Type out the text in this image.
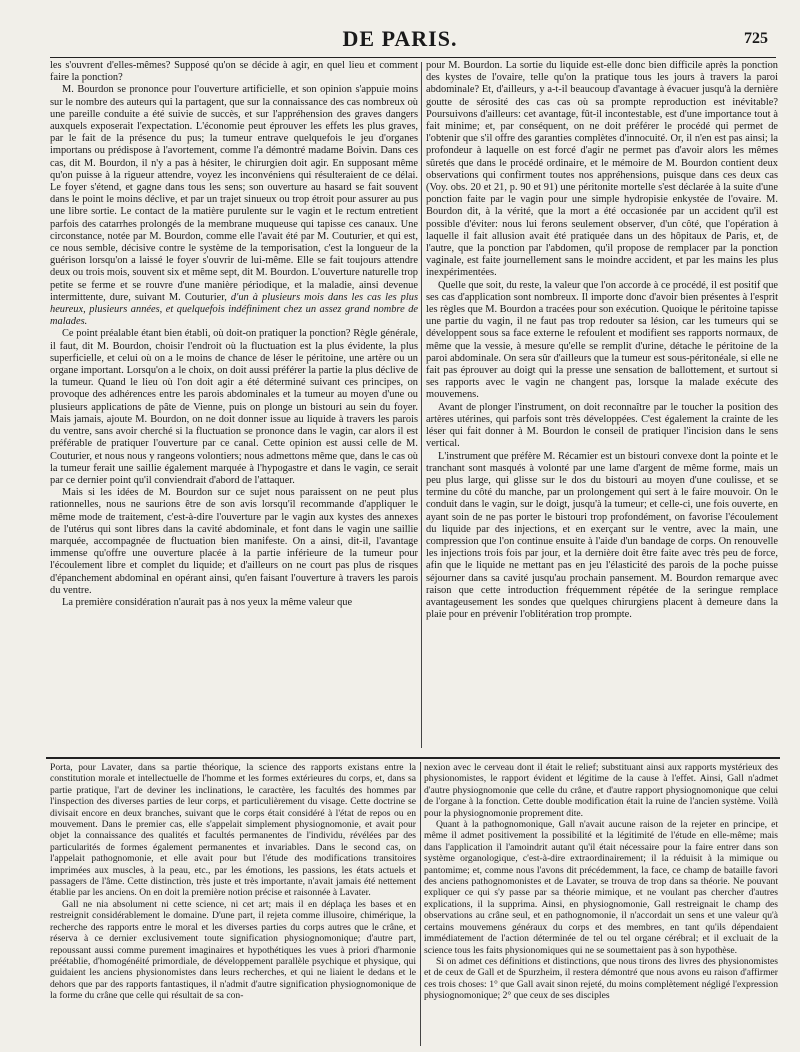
DE PARIS.	725

les s'ouvrent d'elles-mêmes? Supposé qu'on se décide à agir, en quel lieu et comment faire la ponction?

M. Bourdon se prononce pour l'ouverture artificielle, et son opinion s'appuie moins sur le nombre des auteurs qui la partagent, que sur la connaissance des cas nombreux où une pareille conduite a été suivie de succès, et sur l'appréhension des graves dangers auxquels exposerait l'expectation. L'économie peut éprouver les effets les plus graves, par le fait de la présence du pus; la tumeur entrave quelquefois le jeu d'organes importans ou prédispose à l'avortement, comme l'a démontré madame Boivin. Dans ces cas, dit M. Bourdon, il n'y a pas à hésiter, le chirurgien doit agir. En supposant même qu'on puisse à la rigueur attendre, voyez les inconvéniens qui résulteraient de ce délai. Le foyer s'étend, et gagne dans tous les sens; son ouverture au hasard se fait souvent dans le point le moins déclive, et par un trajet sinueux ou trop étroit pour assurer au pus une libre sortie. Le contact de la matière purulente sur le vagin et le rectum entretient parfois des catarrhes prolongés de la membrane muqueuse qui tapisse ces canaux. Une circonstance, notée par M. Bourdon, comme elle l'avait été par M. Couturier, et qui est, ce nous semble, décisive contre le système de la temporisation, c'est la longueur de la guérison lorsqu'on a laissé le foyer s'ouvrir de lui-même. Elle se fait toujours attendre deux ou trois mois, souvent six et même sept, dit M. Bourdon. L'ouverture naturelle trop petite se ferme et se rouvre d'une manière périodique, et la maladie, ainsi devenue intermittente, dure, suivant M. Couturier, d'un à plusieurs mois dans les cas les plus heureux, plusieurs années, et quelquefois indéfiniment chez un assez grand nombre de malades.

Ce point préalable étant bien établi, où doit-on pratiquer la ponction? Règle générale, il faut, dit M. Bourdon, choisir l'endroit où la fluctuation est la plus évidente, la plus superficielle, et celui où on a le moins de chance de léser le péritoine, une artère ou un organe important. Lorsqu'on a le choix, on doit aussi préférer la partie la plus déclive de la tumeur. Quand le lieu où l'on doit agir a été déterminé suivant ces principes, on provoque des adhérences entre les parois abdominales et la tumeur au moyen d'une ou plusieurs applications de pâte de Vienne, puis on plonge un bistouri au sein du foyer. Mais jamais, ajoute M. Bourdon, on ne doit donner issue au liquide à travers les parois du ventre, sans avoir cherché si la fluctuation se prononce dans le vagin, car alors il est préférable de pratiquer l'ouverture par ce canal. Cette opinion est aussi celle de M. Couturier, et nous nous y rangeons volontiers; nous admettons même que, dans le cas où la tumeur ferait une saillie également marquée à l'hypogastre et dans le vagin, ce serait par ce dernier point qu'il conviendrait d'abord de l'attaquer.

Mais si les idées de M. Bourdon sur ce sujet nous paraissent on ne peut plus rationnelles, nous ne saurions être de son avis lorsqu'il recommande d'appliquer le même mode de traitement, c'est-à-dire l'ouverture par le vagin aux kystes des annexes de l'utérus qui sont libres dans la cavité abdominale, et font dans le vagin une saillie marquée, accompagnée de fluctuation bien manifeste. On a ainsi, dit-il, l'avantage immense qu'offre une ouverture placée à la partie inférieure de la tumeur pour l'écoulement libre et complet du liquide; et d'ailleurs on ne court pas plus de risques d'épanchement abdominal en opérant ainsi, qu'en faisant l'ouverture à travers les parois du ventre.

La première considération n'aurait pas à nos yeux la même valeur que

pour M. Bourdon. La sortie du liquide est-elle donc bien difficile après la ponction des kystes de l'ovaire, telle qu'on la pratique tous les jours à travers la paroi abdominale? Et, d'ailleurs, y a-t-il beaucoup d'avantage à évacuer jusqu'à la dernière goutte de sérosité des cas cas où sa prompte reproduction est inévitable? Poursuivons d'ailleurs: cet avantage, fût-il incontestable, est d'une importance tout à fait minime; et, par conséquent, on ne doit préférer le procédé qui permet de l'obtenir que s'il offre des garanties complètes d'innocuité. Or, il n'en est pas ainsi; la profondeur à laquelle on est forcé d'agir ne permet pas d'avoir alors les mêmes sûretés que dans le procédé ordinaire, et le mémoire de M. Bourdon contient deux observations qui confirment toutes nos appréhensions, puisque dans ces deux cas (Voy. obs. 20 et 21, p. 90 et 91) une péritonite mortelle s'est déclarée à la suite d'une ponction faite par le vagin pour une simple hydropisie enkystée de l'ovaire. M. Bourdon dit, à la vérité, que la mort a été occasionée par un accident qu'il est possible d'éviter: nous lui ferons seulement observer, d'un côté, que l'opération à laquelle il fait allusion avait été pratiquée dans un des hôpitaux de Paris, et, de l'autre, que la ponction par l'abdomen, qu'il propose de remplacer par la ponction vaginale, est faite journellement sans le moindre accident, et par les mains les plus inexpérimentées.

Quelle que soit, du reste, la valeur que l'on accorde à ce procédé, il est positif que ses cas d'application sont nombreux. Il importe donc d'avoir bien présentes à l'esprit les règles que M. Bourdon a tracées pour son exécution. Quoique le péritoine tapisse une partie du vagin, il ne faut pas trop redouter sa lésion, car les tumeurs qui se développent sous sa face externe le refoulent et modifient ses rapports normaux, de même que la vessie, à mesure qu'elle se remplit d'urine, détache le péritoine de la paroi abdominale. On sera sûr d'ailleurs que la tumeur est sous-péritonéale, si elle ne fait pas éprouver au doigt qui la presse une sensation de ballottement, et surtout si ses rapports avec le vagin ne changent pas, lorsque la malade exécute des mouvemens.

Avant de plonger l'instrument, on doit reconnaître par le toucher la position des artères utérines, qui parfois sont très développées. C'est également la crainte de les léser qui fait donner à M. Bourdon le conseil de pratiquer l'incision dans le sens vertical.

L'instrument que préfère M. Récamier est un bistouri convexe dont la pointe et le tranchant sont masqués à volonté par une lame d'argent de même forme, mais un peu plus large, qui glisse sur le dos du bistouri au moyen d'une coulisse, et se termine du côté du manche, par un prolongement qui sert à le faire mouvoir. On le conduit dans le vagin, sur le doigt, jusqu'à la tumeur; et celle-ci, une fois ouverte, en ayant soin de ne pas porter le bistouri trop profondément, on favorise l'écoulement du liquide par des injections, et en exerçant sur le ventre, avec la main, une compression que l'on continue ensuite à l'aide d'un bandage de corps. On renouvelle les injections trois fois par jour, et la dernière doit être faite avec très peu de force, afin que le liquide ne mettant pas en jeu l'élasticité des parois de la poche puisse séjourner dans sa cavité jusqu'au prochain pansement. M. Bourdon remarque avec raison que cette introduction fréquemment répétée de la seringue remplace avantageusement les sondes que quelques chirurgiens placent à demeure dans la plaie pour en prévenir l'oblitération trop prompte.

Porta, pour Lavater, dans sa partie théorique, la science des rapports existans entre la constitution morale et intellectuelle de l'homme et les formes extérieures du corps, et, dans sa partie pratique, l'art de deviner les inclinations, le caractère, les facultés des hommes par l'inspection des diverses parties de leur corps, et particulièrement du visage. Cette doctrine se divisait encore en deux branches, suivant que le corps était considéré à l'état de repos ou en mouvement. Dans le premier cas, elle s'appelait simplement physiognomonie, et avait pour objet la connaissance des qualités et facultés permanentes de l'individu, révélées par des particularités de formes également permanentes et invariables. Dans le second cas, on l'appelait pathognomonie, et elle avait pour but l'étude des modifications transitoires imprimées aux muscles, à la peau, etc., par les émotions, les passions, les états actuels et passagers de l'âme. Cette distinction, très juste et très importante, n'avait jamais été nettement établie par les anciens. On en doit la première notion précise et raisonnée à Lavater.

Gall ne nia absolument ni cette science, ni cet art; mais il en déplaça les bases et en restreignit considérablement le domaine. D'une part, il rejeta comme illusoire, chimérique, la recherche des rapports entre le moral et les diverses parties du corps autres que le crâne, et réserva à ce dernier exclusivement toute signification physiognomonique; d'autre part, repoussant aussi comme purement imaginaires et hypothétiques les vues à priori d'harmonie préétablie, d'homogénéité primordiale, de développement parallèle psychique et physique, qui guidaient les anciens physionomistes dans leurs recherches, et qui ne liaient le dedans et le dehors que par des rapports fantastiques, il n'admit d'autre signification physiognomonique de la forme du crâne que celle qui résultait de sa con-

nexion avec le cerveau dont il était le relief; substituant ainsi aux rapports mystérieux des physionomistes, le rapport évident et légitime de la cause à l'effet. Ainsi, Gall n'admet d'autre physiognomonie que celle du crâne, et d'autre rapport physiognomonique que celui de l'organe à la fonction. Cette double modification était la ruine de l'ancien système. Voilà pour la physiognomonie proprement dite.

Quant à la pathognomonique, Gall n'avait aucune raison de la rejeter en principe, et même il admet positivement la possibilité et la légitimité de l'étude en elle-même; mais dans l'application il l'amoindrit autant qu'il était nécessaire pour la faire entrer dans son système organologique, c'est-à-dire extraordinairement; il la réduisit à la mimique ou pantomime; et, comme nous l'avons dit précédemment, la face, ce champ de bataille favori des anciens pathognomonistes et de Lavater, se trouva de trop dans sa théorie. Ne pouvant expliquer ce qui s'y passe par sa théorie mimique, et ne voulant pas chercher d'autres explications, il la supprima. Ainsi, en physiognomonie, Gall restreignait le champ des observations au crâne seul, et en pathognomonie, il n'accordait un sens et une valeur qu'à certains mouvemens généraux du corps et des membres, en tant qu'ils dépendaient immédiatement de l'action déterminée de tel ou tel organe cérébral; et il excluait de la science tous les faits physionomiques qui ne se soumettaient pas à son hypothèse.

Si on admet ces définitions et distinctions, que nous tirons des livres des physionomistes et de ceux de Gall et de Spurzheim, il restera démontré que nous avons eu raison d'affirmer ces trois choses: 1° que Gall avait sinon rejeté, du moins complètement négligé l'expression physiognomonique; 2° que ceux de ses disciples
